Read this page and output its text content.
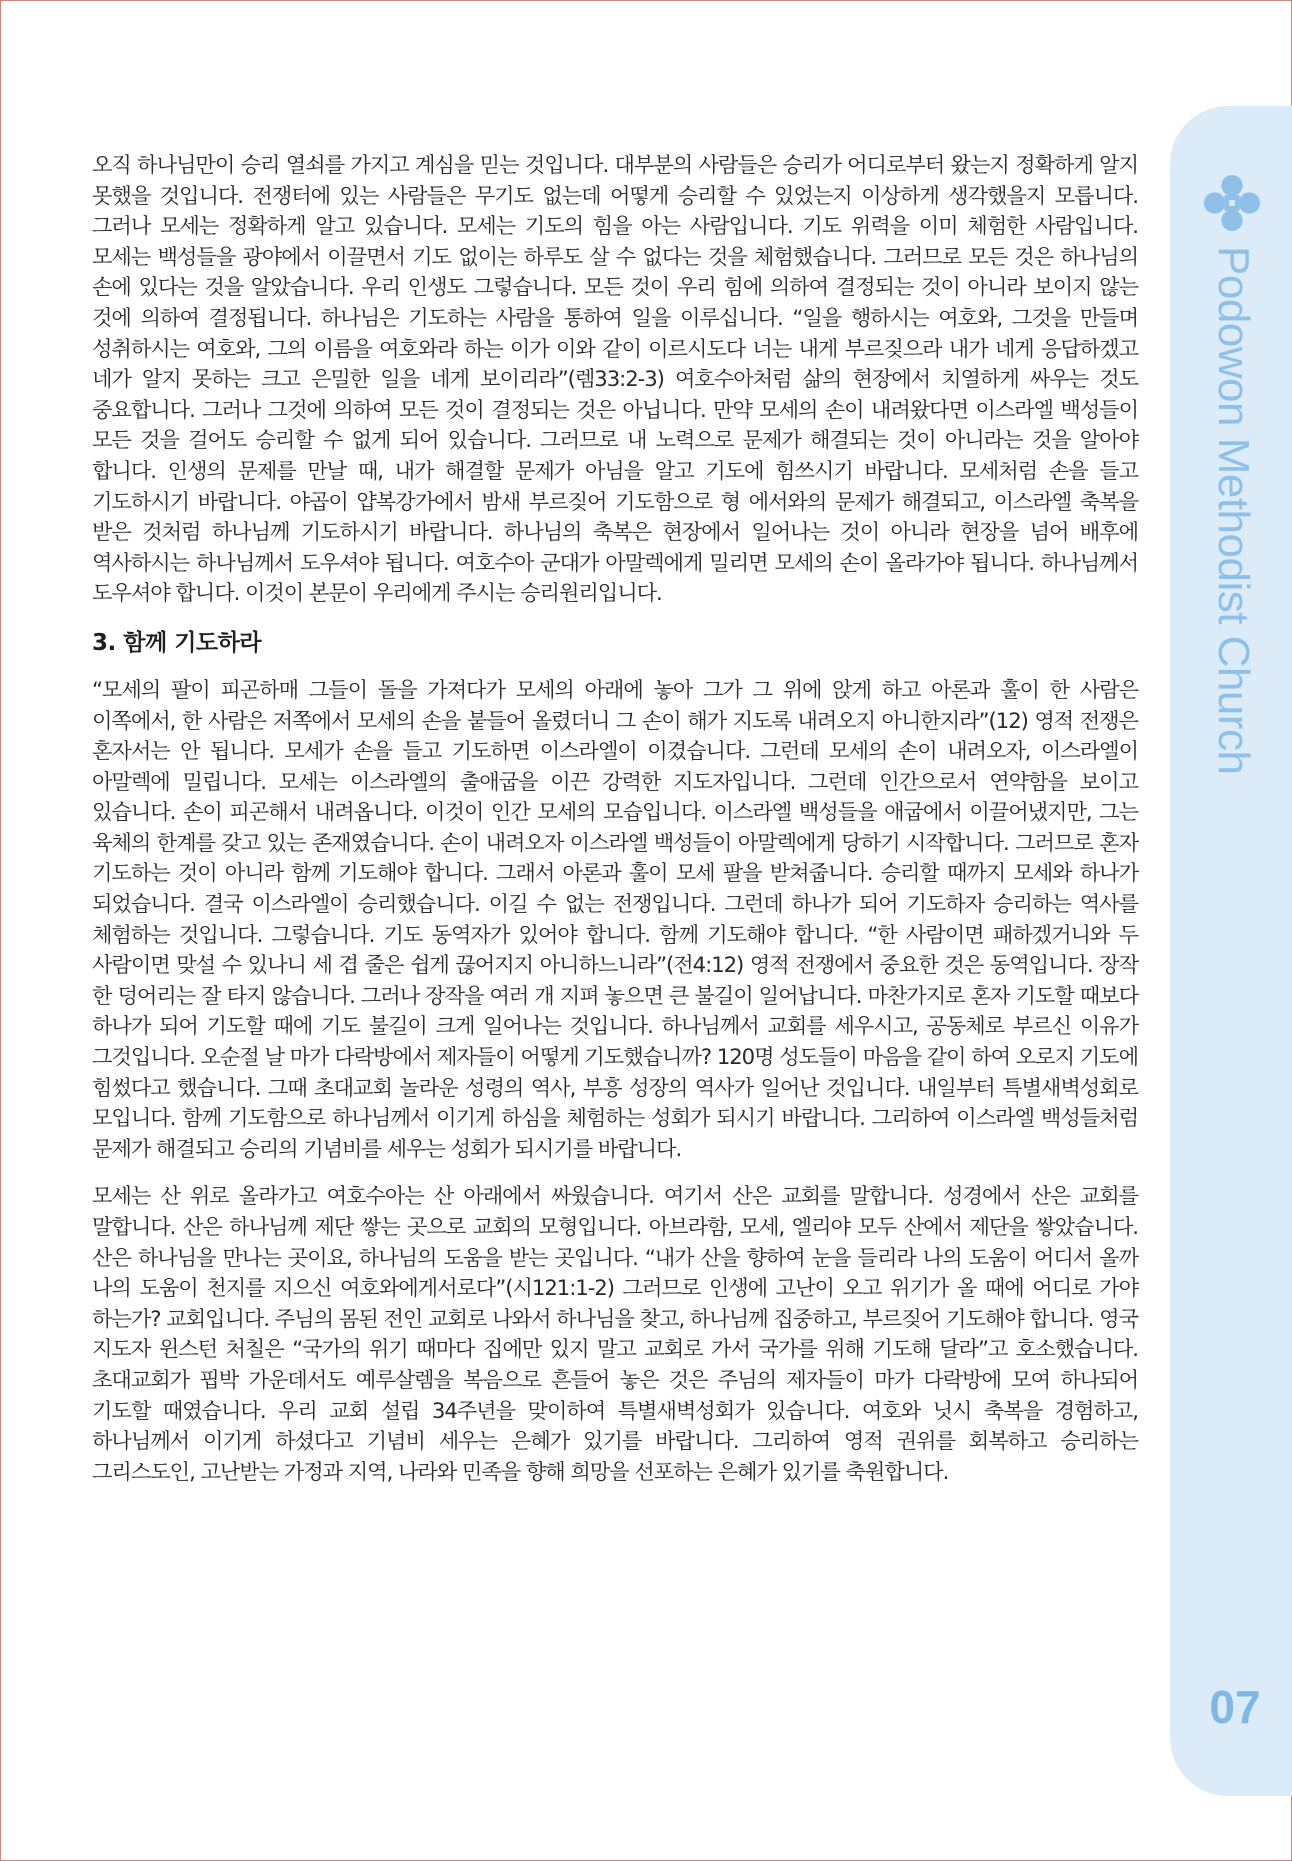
Podowon Methodist Church
07

오직 하나님만이 승리 열쇠를 가지고 계심을 믿는 것입니다. 대부분의 사람들은 승리가 어디로부터 왔는지 정확하게 알지 못했을 것입니다. 전쟁터에 있는 사람들은 무기도 없는데 어떻게 승리할 수 있었는지 이상하게 생각했을지 모릅니다. 그러나 모세는 정확하게 알고 있습니다. 모세는 기도의 힘을 아는 사람입니다. 기도 위력을 이미 체험한 사람입니다. 모세는 백성들을 광야에서 이끌면서 기도 없이는 하루도 살 수 없다는 것을 체험했습니다. 그러므로 모든 것은 하나님의 손에 있다는 것을 알았습니다. 우리 인생도 그렇습니다. 모든 것이 우리 힘에 의하여 결정되는 것이 아니라 보이지 않는 것에 의하여 결정됩니다. 하나님은 기도하는 사람을 통하여 일을 이루십니다. “일을 행하시는 여호와, 그것을 만들며 성취하시는 여호와, 그의 이름을 여호와라 하는 이가 이와 같이 이르시도다 너는 내게 부르짖으라 내가 네게 응답하겠고 네가 알지 못하는 크고 은밀한 일을 네게 보이리라”(렘33:2-3) 여호수아처럼 삶의 현장에서 치열하게 싸우는 것도 중요합니다. 그러나 그것에 의하여 모든 것이 결정되는 것은 아닙니다. 만약 모세의 손이 내려왔다면 이스라엘 백성들이 모든 것을 걸어도 승리할 수 없게 되어 있습니다. 그러므로 내 노력으로 문제가 해결되는 것이 아니라는 것을 알아야 합니다. 인생의 문제를 만날 때, 내가 해결할 문제가 아님을 알고 기도에 힘쓰시기 바랍니다. 모세처럼 손을 들고 기도하시기 바랍니다. 야곱이 얍복강가에서 밤새 부르짖어 기도함으로 형 에서와의 문제가 해결되고, 이스라엘 축복을 받은 것처럼 하나님께 기도하시기 바랍니다. 하나님의 축복은 현장에서 일어나는 것이 아니라 현장을 넘어 배후에 역사하시는 하나님께서 도우셔야 됩니다. 여호수아 군대가 아말렉에게 밀리면 모세의 손이 올라가야 됩니다. 하나님께서 도우셔야 합니다. 이것이 본문이 우리에게 주시는 승리원리입니다.

3. 함께 기도하라

“모세의 팔이 피곤하매 그들이 돌을 가져다가 모세의 아래에 놓아 그가 그 위에 앉게 하고 아론과 훌이 한 사람은 이쪽에서, 한 사람은 저쪽에서 모세의 손을 붙들어 올렸더니 그 손이 해가 지도록 내려오지 아니한지라”(12) 영적 전쟁은 혼자서는 안 됩니다. 모세가 손을 들고 기도하면 이스라엘이 이겼습니다. 그런데 모세의 손이 내려오자, 이스라엘이 아말렉에 밀립니다. 모세는 이스라엘의 출애굽을 이끈 강력한 지도자입니다. 그런데 인간으로서 연약함을 보이고 있습니다. 손이 피곤해서 내려옵니다. 이것이 인간 모세의 모습입니다. 이스라엘 백성들을 애굽에서 이끌어냈지만, 그는 육체의 한계를 갖고 있는 존재였습니다. 손이 내려오자 이스라엘 백성들이 아말렉에게 당하기 시작합니다. 그러므로 혼자 기도하는 것이 아니라 함께 기도해야 합니다. 그래서 아론과 훌이 모세 팔을 받쳐줍니다. 승리할 때까지 모세와 하나가 되었습니다. 결국 이스라엘이 승리했습니다. 이길 수 없는 전쟁입니다. 그런데 하나가 되어 기도하자 승리하는 역사를 체험하는 것입니다. 그렇습니다. 기도 동역자가 있어야 합니다. 함께 기도해야 합니다. “한 사람이면 패하겠거니와 두 사람이면 맞설 수 있나니 세 겹 줄은 쉽게 끊어지지 아니하느니라”(전4:12) 영적 전쟁에서 중요한 것은 동역입니다. 장작 한 덩어리는 잘 타지 않습니다. 그러나 장작을 여러 개 지펴 놓으면 큰 불길이 일어납니다. 마찬가지로 혼자 기도할 때보다 하나가 되어 기도할 때에 기도 불길이 크게 일어나는 것입니다. 하나님께서 교회를 세우시고, 공동체로 부르신 이유가 그것입니다. 오순절 날 마가 다락방에서 제자들이 어떻게 기도했습니까? 120명 성도들이 마음을 같이 하여 오로지 기도에 힘썼다고 했습니다. 그때 초대교회 놀라운 성령의 역사, 부흥 성장의 역사가 일어난 것입니다. 내일부터 특별새벽성회로 모입니다. 함께 기도함으로 하나님께서 이기게 하심을 체험하는 성회가 되시기 바랍니다. 그리하여 이스라엘 백성들처럼 문제가 해결되고 승리의 기념비를 세우는 성회가 되시기를 바랍니다.

모세는 산 위로 올라가고 여호수아는 산 아래에서 싸웠습니다. 여기서 산은 교회를 말합니다. 성경에서 산은 교회를 말합니다. 산은 하나님께 제단 쌓는 곳으로 교회의 모형입니다. 아브라함, 모세, 엘리야 모두 산에서 제단을 쌓았습니다. 산은 하나님을 만나는 곳이요, 하나님의 도움을 받는 곳입니다. “내가 산을 향하여 눈을 들리라 나의 도움이 어디서 올까 나의 도움이 천지를 지으신 여호와에게서로다”(시121:1-2) 그러므로 인생에 고난이 오고 위기가 올 때에 어디로 가야 하는가? 교회입니다. 주님의 몸된 전인 교회로 나와서 하나님을 찾고, 하나님께 집중하고, 부르짖어 기도해야 합니다. 영국 지도자 윈스턴 처칠은 “국가의 위기 때마다 집에만 있지 말고 교회로 가서 국가를 위해 기도해 달라”고 호소했습니다. 초대교회가 핍박 가운데서도 예루살렘을 복음으로 흔들어 놓은 것은 주님의 제자들이 마가 다락방에 모여 하나되어 기도할 때였습니다. 우리 교회 설립 34주년을 맞이하여 특별새벽성회가 있습니다. 여호와 닛시 축복을 경험하고, 하나님께서 이기게 하셨다고 기념비 세우는 은혜가 있기를 바랍니다. 그리하여 영적 권위를 회복하고 승리하는 그리스도인, 고난받는 가정과 지역, 나라와 민족을 향해 희망을 선포하는 은혜가 있기를 축원합니다.
